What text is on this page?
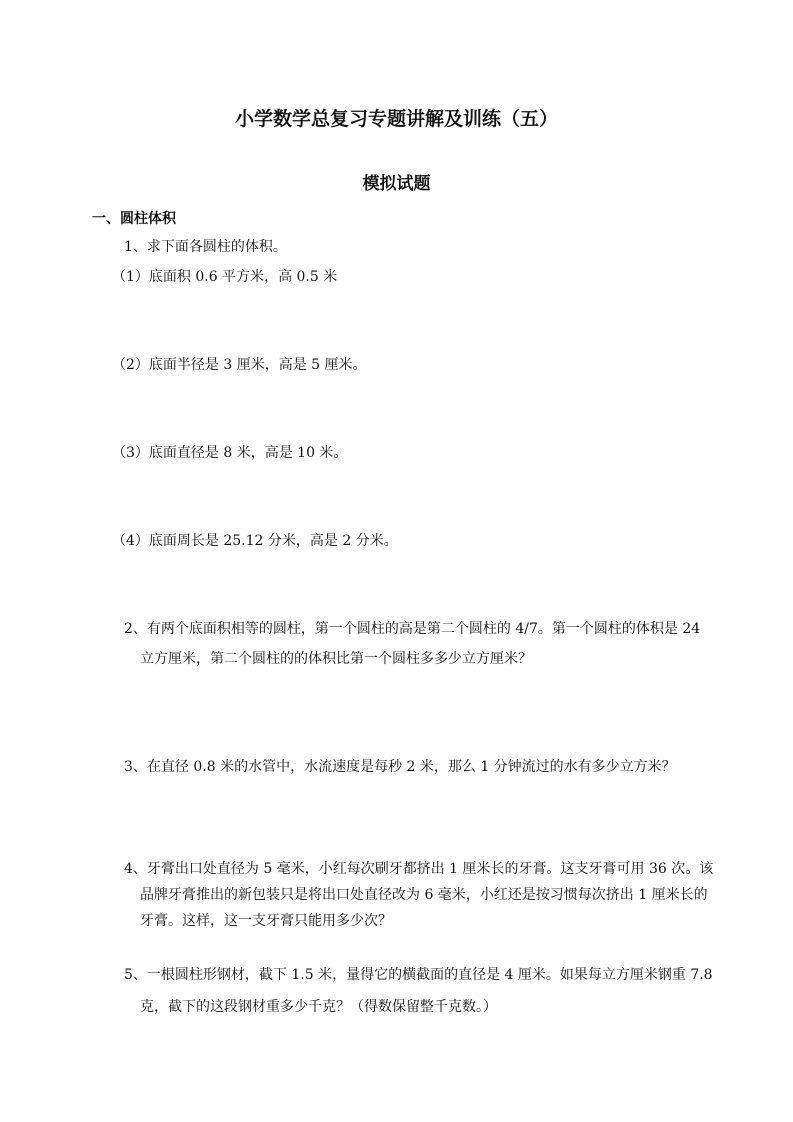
小学数学总复习专题讲解及训练（五）
模拟试题
一、圆柱体积

1、求下面各圆柱的体积。

（1）底面积 0.6 平方米，高 0.5 米

（2）底面半径是 3 厘米，高是 5 厘米。

（3）底面直径是 8 米，高是 10 米。

（4）底面周长是 25.12 分米，高是 2 分米。

2、有两个底面积相等的圆柱，第一个圆柱的高是第二个圆柱的 4/7。第一个圆柱的体积是 24

立方厘米，第二个圆柱的的体积比第一个圆柱多多少立方厘米？

3、在直径 0.8 米的水管中，水流速度是每秒 2 米，那么 1 分钟流过的水有多少立方米？

4、牙膏出口处直径为 5 毫米，小红每次刷牙都挤出 1 厘米长的牙膏。这支牙膏可用 36 次。该

品牌牙膏推出的新包装只是将出口处直径改为 6 毫米，小红还是按习惯每次挤出 1 厘米长的

牙膏。这样，这一支牙膏只能用多少次？

5、一根圆柱形钢材，截下 1.5 米，量得它的横截面的直径是 4 厘米。如果每立方厘米钢重 7.8

克，截下的这段钢材重多少千克？（得数保留整千克数。）
